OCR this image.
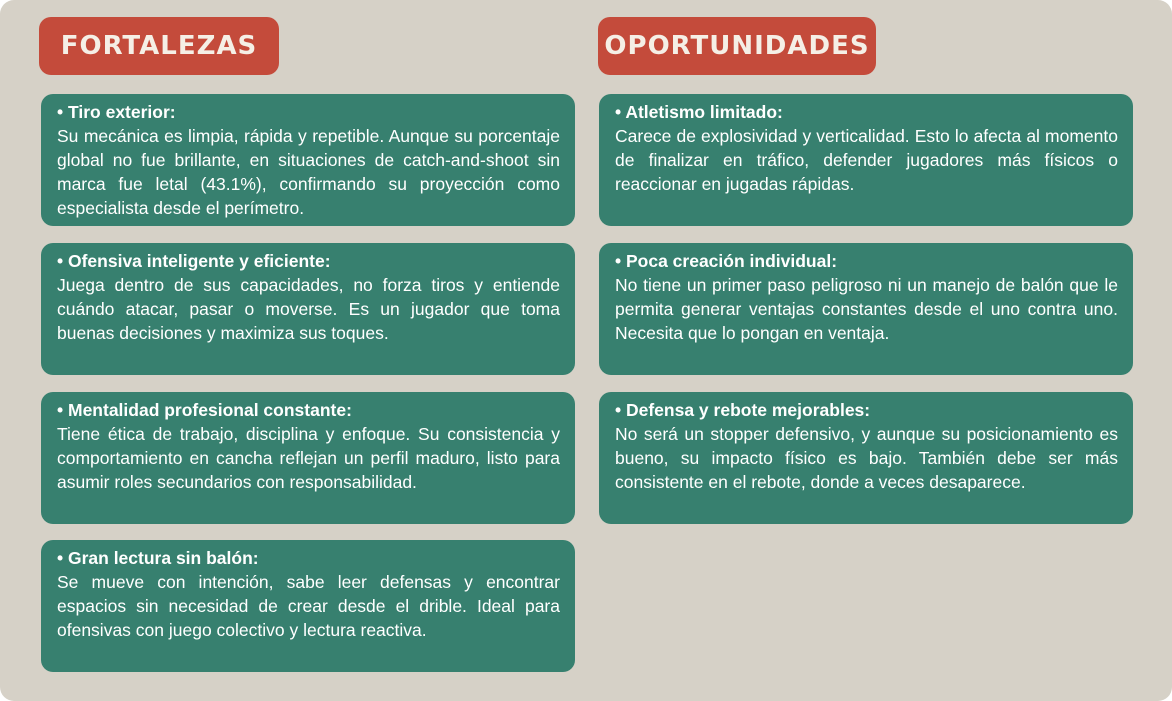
FORTALEZAS	OPORTUNIDADES
• Tiro exterior:
Su mecánica es limpia, rápida y repetible. Aunque su porcentaje global no fue brillante, en situaciones de catch-and-shoot sin marca fue letal (43.1%), confirmando su proyección como especialista desde el perímetro.
• Ofensiva inteligente y eficiente:
Juega dentro de sus capacidades, no forza tiros y entiende cuándo atacar, pasar o moverse. Es un jugador que toma buenas decisiones y maximiza sus toques.
• Mentalidad profesional constante:
Tiene ética de trabajo, disciplina y enfoque. Su consistencia y comportamiento en cancha reflejan un perfil maduro, listo para asumir roles secundarios con responsabilidad.
• Gran lectura sin balón:
Se mueve con intención, sabe leer defensas y encontrar espacios sin necesidad de crear desde el drible. Ideal para ofensivas con juego colectivo y lectura reactiva.
• Atletismo limitado:
Carece de explosividad y verticalidad. Esto lo afecta al momento de finalizar en tráfico, defender jugadores más físicos o reaccionar en jugadas rápidas.
• Poca creación individual:
No tiene un primer paso peligroso ni un manejo de balón que le permita generar ventajas constantes desde el uno contra uno. Necesita que lo pongan en ventaja.
• Defensa y rebote mejorables:
No será un stopper defensivo, y aunque su posicionamiento es bueno, su impacto físico es bajo. También debe ser más consistente en el rebote, donde a veces desaparece.
